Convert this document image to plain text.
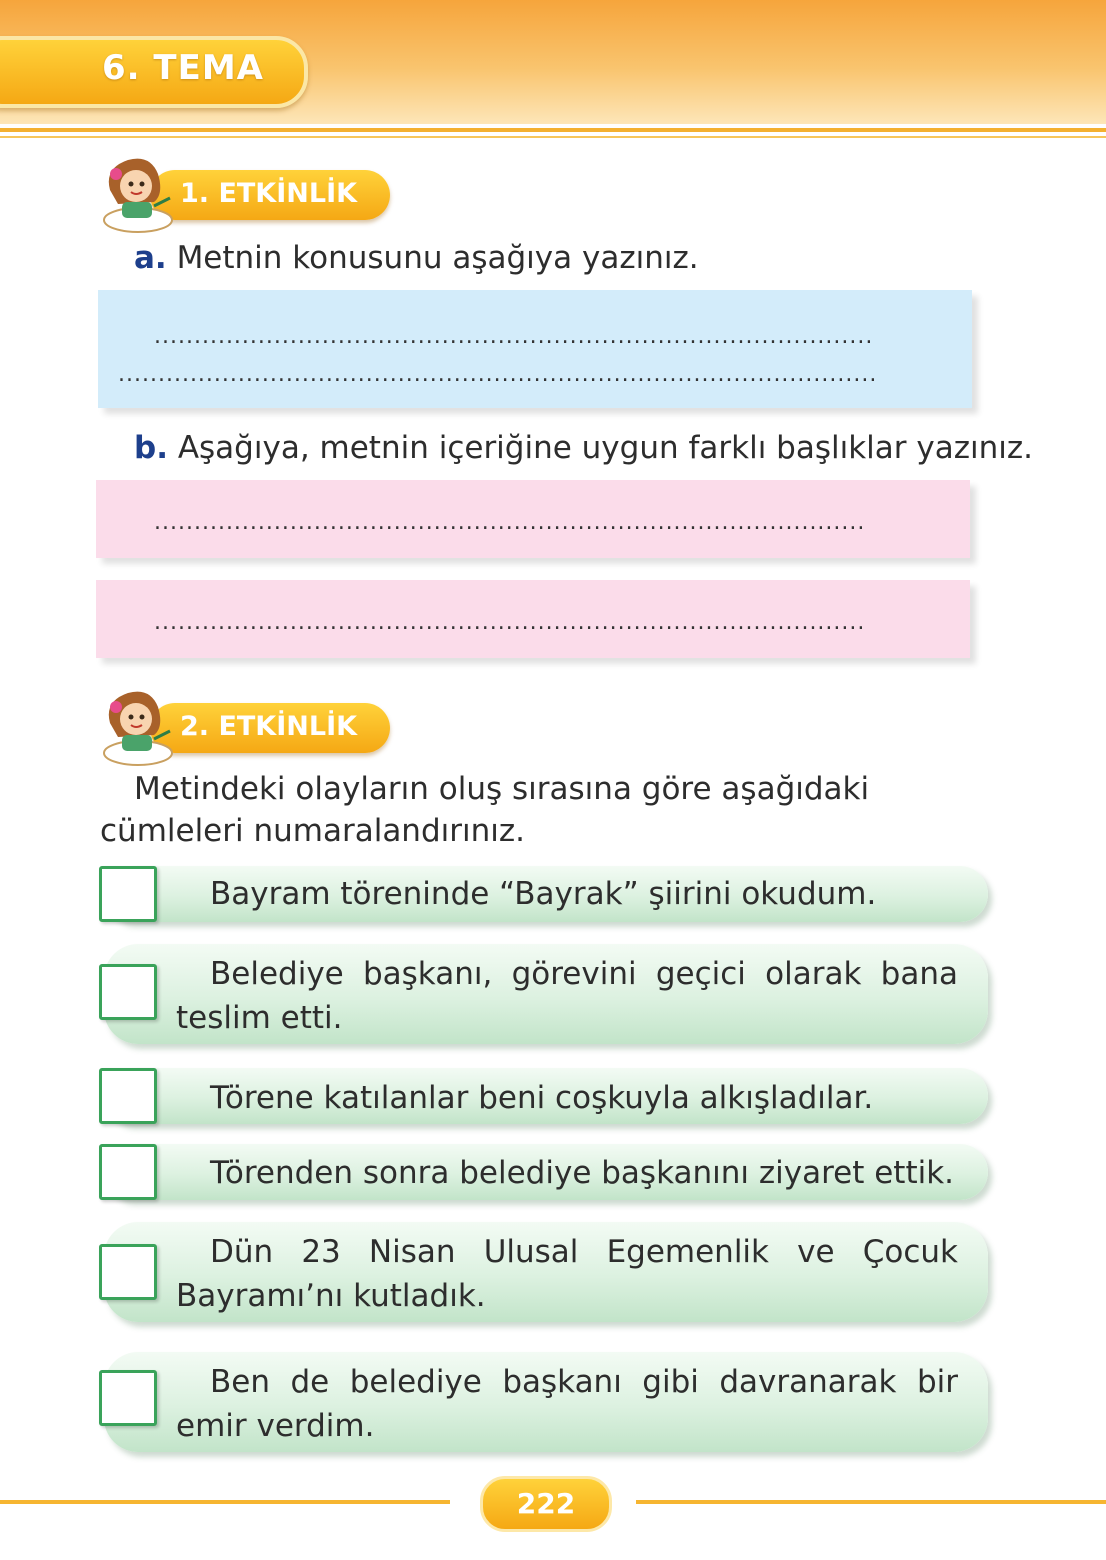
6. TEMA
1. ETKİNLİK
a. Metnin konusunu aşağıya yazınız.
..........................................................................................
...............................................................................................
b. Aşağıya, metnin içeriğine uygun farklı başlıklar yazınız.
.........................................................................................
.........................................................................................
2. ETKİNLİK
Metindeki olayların oluş sırasına göre aşağıdaki cümleleri numaralandırınız.
Bayram töreninde “Bayrak” şiirini okudum.
Belediye başkanı, görevini geçici olarak bana teslim etti.
Törene katılanlar beni coşkuyla alkışladılar.
Törenden sonra belediye başkanını ziyaret ettik.
Dün 23 Nisan Ulusal Egemenlik ve Çocuk Bayramı’nı kutladık.
Ben de belediye başkanı gibi davranarak bir emir verdim.
222
